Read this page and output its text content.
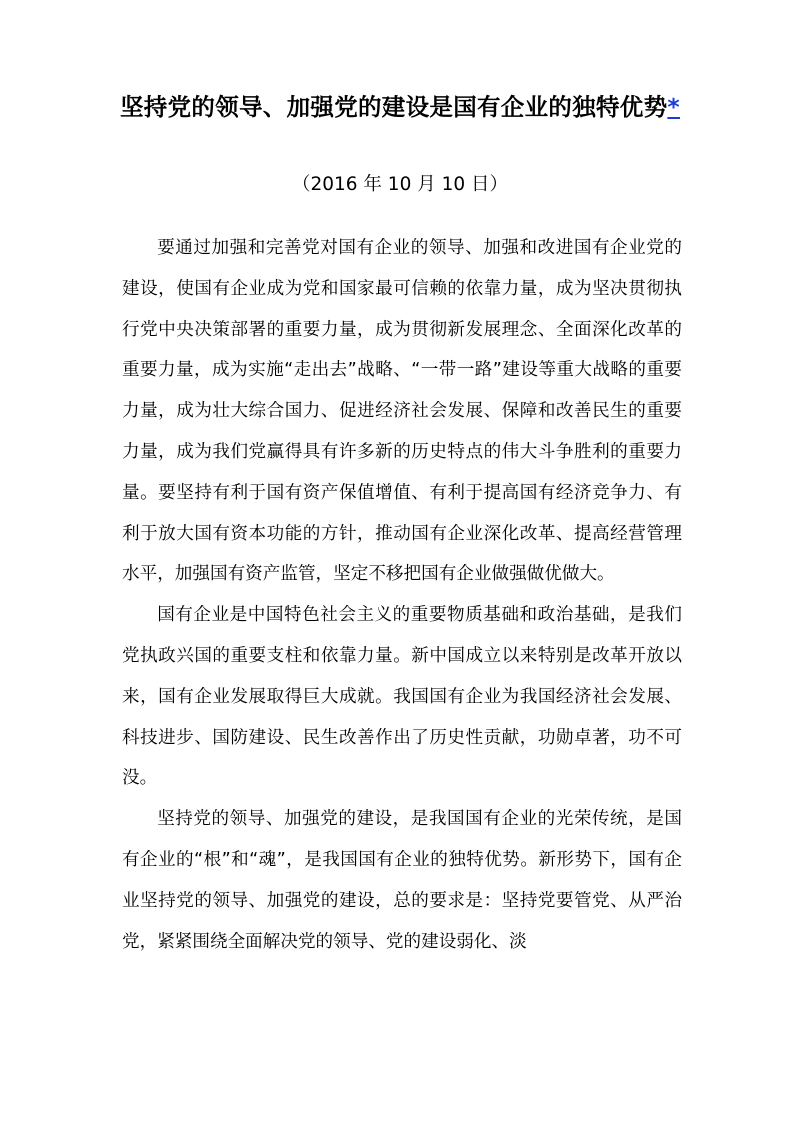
坚持党的领导、加强党的建设是国有企业的独特优势*
（2016 年 10 月 10 日）

要通过加强和完善党对国有企业的领导、加强和改进国有企业党的建设，使国有企业成为党和国家最可信赖的依靠力量，成为坚决贯彻执行党中央决策部署的重要力量，成为贯彻新发展理念、全面深化改革的重要力量，成为实施“走出去”战略、“一带一路”建设等重大战略的重要力量，成为壮大综合国力、促进经济社会发展、保障和改善民生的重要力量，成为我们党赢得具有许多新的历史特点的伟大斗争胜利的重要力量。要坚持有利于国有资产保值增值、有利于提高国有经济竞争力、有利于放大国有资本功能的方针，推动国有企业深化改革、提高经营管理水平，加强国有资产监管，坚定不移把国有企业做强做优做大。

国有企业是中国特色社会主义的重要物质基础和政治基础，是我们党执政兴国的重要支柱和依靠力量。新中国成立以来特别是改革开放以来，国有企业发展取得巨大成就。我国国有企业为我国经济社会发展、科技进步、国防建设、民生改善作出了历史性贡献，功勋卓著，功不可没。

坚持党的领导、加强党的建设，是我国国有企业的光荣传统，是国有企业的“根”和“魂”，是我国国有企业的独特优势。新形势下，国有企业坚持党的领导、加强党的建设，总的要求是：坚持党要管党、从严治党，紧紧围绕全面解决党的领导、党的建设弱化、淡
